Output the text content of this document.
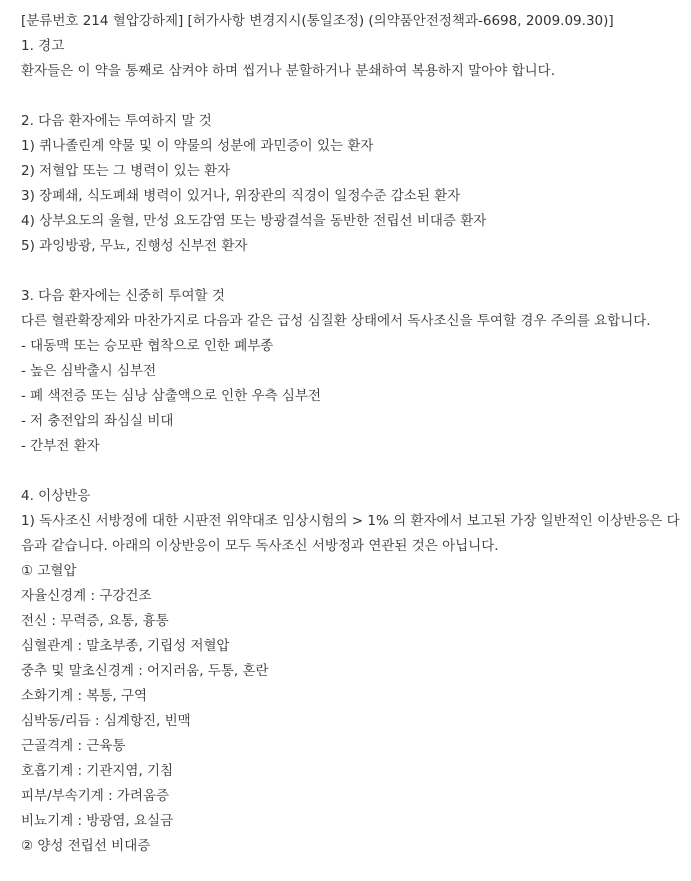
[분류번호 214 혈압강하제] [허가사항 변경지시(통일조정) (의약품안전정책과-6698, 2009.09.30)]
1. 경고
환자들은 이 약을 통째로 삼켜야 하며 씹거나 분할하거나 분쇄하여 복용하지 말아야 합니다.
2. 다음 환자에는 투여하지 말 것
1) 퀴나졸린계 약물 및 이 약물의 성분에 과민증이 있는 환자
2) 저혈압 또는 그 병력이 있는 환자
3) 장폐쇄, 식도폐쇄 병력이 있거나, 위장관의 직경이 일정수준 감소된 환자
4) 상부요도의 울혈, 만성 요도감염 또는 방광결석을 동반한 전립선 비대증 환자
5) 과잉방광, 무뇨, 진행성 신부전 환자
3. 다음 환자에는 신중히 투여할 것
다른 혈관확장제와 마찬가지로 다음과 같은 급성 심질환 상태에서 독사조신을 투여할 경우 주의를 요합니다.
- 대동맥 또는 승모판 협착으로 인한 폐부종
- 높은 심박출시 심부전
- 폐 색전증 또는 심낭 삼출액으로 인한 우측 심부전
- 저 충전압의 좌심실 비대
- 간부전 환자
4. 이상반응
1) 독사조신 서방정에 대한 시판전 위약대조 임상시험의 > 1% 의 환자에서 보고된 가장 일반적인 이상반응은 다음과 같습니다. 아래의 이상반응이 모두 독사조신 서방정과 연관된 것은 아닙니다.
① 고혈압
자율신경계 : 구강건조
전신 : 무력증, 요통, 흉통
심혈관계 : 말초부종, 기립성 저혈압
중추 및 말초신경계 : 어지러움, 두통, 혼란
소화기계 : 복통, 구역
심박동/리듬 : 심계항진, 빈맥
근골격계 : 근육통
호흡기계 : 기관지염, 기침
피부/부속기계 : 가려움증
비뇨기계 : 방광염, 요실금
② 양성 전립선 비대증
